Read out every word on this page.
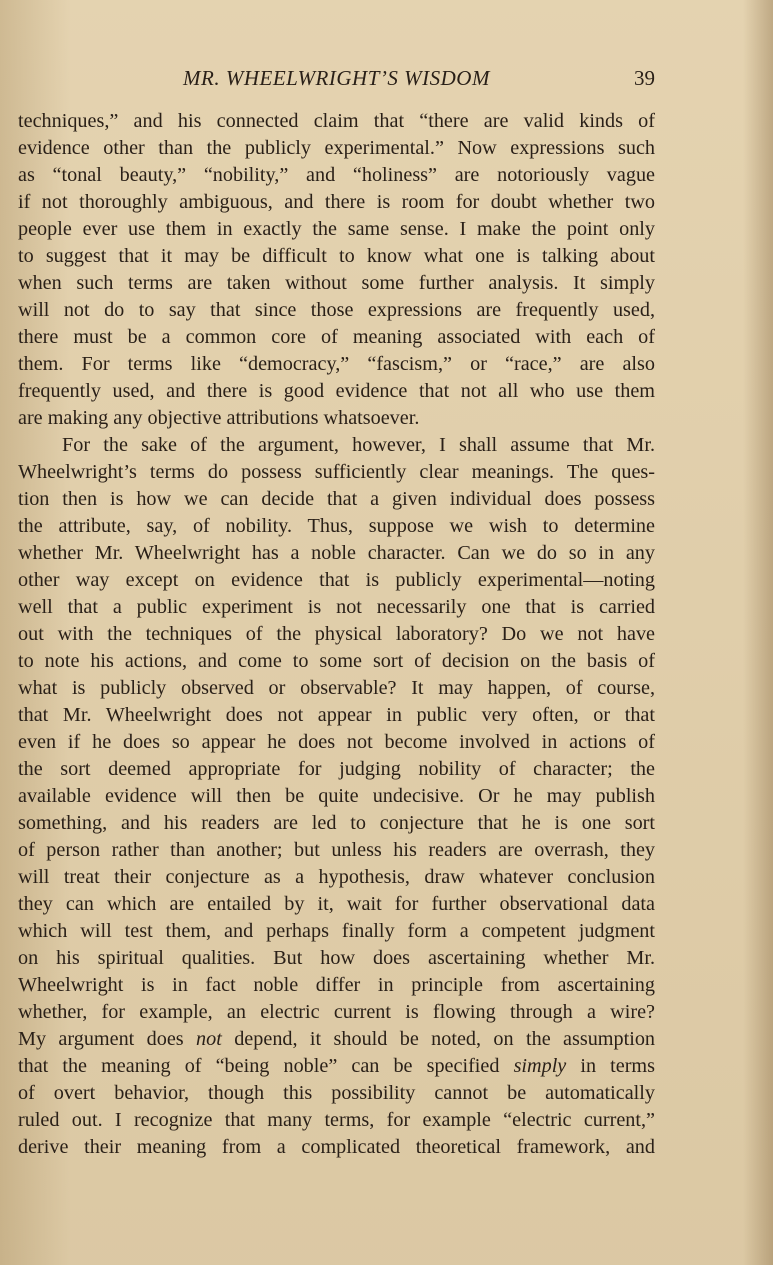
MR. WHEELWRIGHT’S WISDOM	39
techniques,” and his connected claim that “there are valid kinds of
evidence other than the publicly experimental.” Now expressions such
as “tonal beauty,” “nobility,” and “holiness” are notoriously vague
if not thoroughly ambiguous, and there is room for doubt whether two
people ever use them in exactly the same sense. I make the point only
to suggest that it may be difficult to know what one is talking about
when such terms are taken without some further analysis. It simply
will not do to say that since those expressions are frequently used,
there must be a common core of meaning associated with each of
them. For terms like “democracy,” “fascism,” or “race,” are also
frequently used, and there is good evidence that not all who use them
are making any objective attributions whatsoever.
For the sake of the argument, however, I shall assume that Mr.
Wheelwright’s terms do possess sufficiently clear meanings. The ques-
tion then is how we can decide that a given individual does possess
the attribute, say, of nobility. Thus, suppose we wish to determine
whether Mr. Wheelwright has a noble character. Can we do so in any
other way except on evidence that is publicly experimental—noting
well that a public experiment is not necessarily one that is carried
out with the techniques of the physical laboratory? Do we not have
to note his actions, and come to some sort of decision on the basis of
what is publicly observed or observable? It may happen, of course,
that Mr. Wheelwright does not appear in public very often, or that
even if he does so appear he does not become involved in actions of
the sort deemed appropriate for judging nobility of character; the
available evidence will then be quite undecisive. Or he may publish
something, and his readers are led to conjecture that he is one sort
of person rather than another; but unless his readers are overrash, they
will treat their conjecture as a hypothesis, draw whatever conclusion
they can which are entailed by it, wait for further observational data
which will test them, and perhaps finally form a competent judgment
on his spiritual qualities. But how does ascertaining whether Mr.
Wheelwright is in fact noble differ in principle from ascertaining
whether, for example, an electric current is flowing through a wire?
My argument does not depend, it should be noted, on the assumption
that the meaning of “being noble” can be specified simply in terms
of overt behavior, though this possibility cannot be automatically
ruled out. I recognize that many terms, for example “electric current,”
derive their meaning from a complicated theoretical framework, and
